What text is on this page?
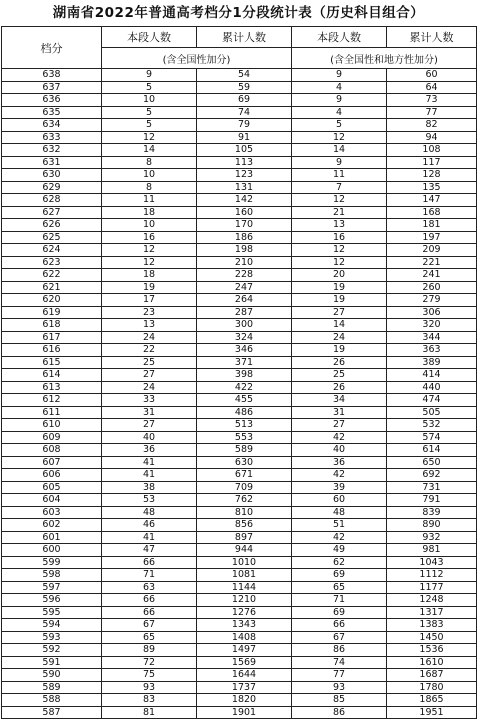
湖南省2022年普通高考档分1分段统计表（历史科目组合）
档分	本段人数	累计人数	本段人数	累计人数
	(含全国性加分)		(含全国性和地方性加分)	
638	9	54	9	60
637	5	59	4	64
636	10	69	9	73
635	5	74	4	77
634	5	79	5	82
633	12	91	12	94
632	14	105	14	108
631	8	113	9	117
630	10	123	11	128
629	8	131	7	135
628	11	142	12	147
627	18	160	21	168
626	10	170	13	181
625	16	186	16	197
624	12	198	12	209
623	12	210	12	221
622	18	228	20	241
621	19	247	19	260
620	17	264	19	279
619	23	287	27	306
618	13	300	14	320
617	24	324	24	344
616	22	346	19	363
615	25	371	26	389
614	27	398	25	414
613	24	422	26	440
612	33	455	34	474
611	31	486	31	505
610	27	513	27	532
609	40	553	42	574
608	36	589	40	614
607	41	630	36	650
606	41	671	42	692
605	38	709	39	731
604	53	762	60	791
603	48	810	48	839
602	46	856	51	890
601	41	897	42	932
600	47	944	49	981
599	66	1010	62	1043
598	71	1081	69	1112
597	63	1144	65	1177
596	66	1210	71	1248
595	66	1276	69	1317
594	67	1343	66	1383
593	65	1408	67	1450
592	89	1497	86	1536
591	72	1569	74	1610
590	75	1644	77	1687
589	93	1737	93	1780
588	83	1820	85	1865
587	81	1901	86	1951
